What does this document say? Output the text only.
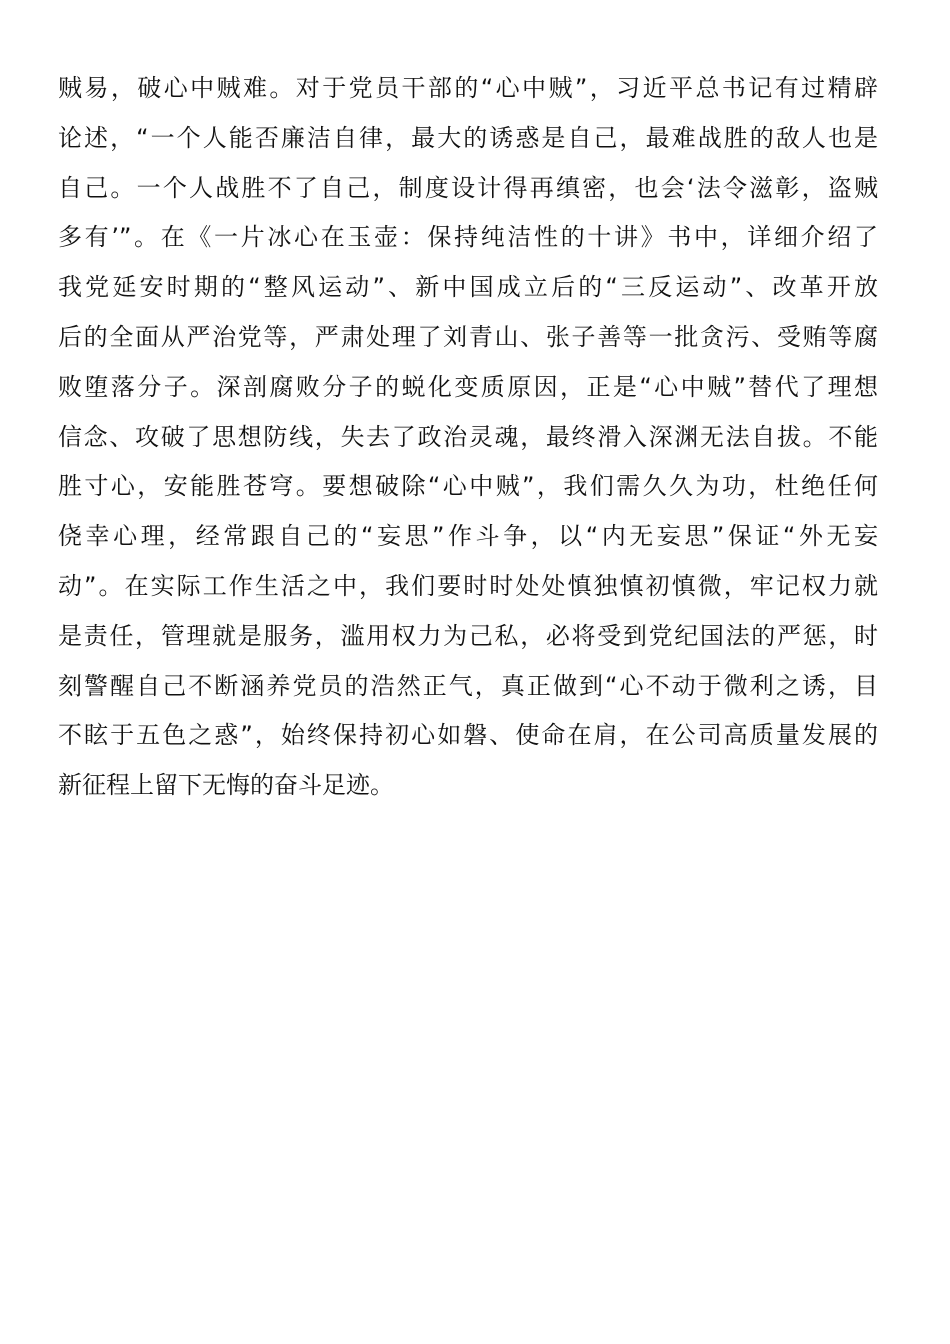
贼易，破心中贼难。对于党员干部的“心中贼”，习近平总书记有过精辟
论述，“一个人能否廉洁自律，最大的诱惑是自己，最难战胜的敌人也是
自己。一个人战胜不了自己，制度设计得再缜密，也会‘法令滋彰，盗贼
多有’”。在《一片冰心在玉壶：保持纯洁性的十讲》书中，详细介绍了
我党延安时期的“整风运动”、新中国成立后的“三反运动”、改革开放
后的全面从严治党等，严肃处理了刘青山、张子善等一批贪污、受贿等腐
败堕落分子。深剖腐败分子的蜕化变质原因，正是“心中贼”替代了理想
信念、攻破了思想防线，失去了政治灵魂，最终滑入深渊无法自拔。不能
胜寸心，安能胜苍穹。要想破除“心中贼”，我们需久久为功，杜绝任何
侥幸心理，经常跟自己的“妄思”作斗争，以“内无妄思”保证“外无妄
动”。在实际工作生活之中，我们要时时处处慎独慎初慎微，牢记权力就
是责任，管理就是服务，滥用权力为己私，必将受到党纪国法的严惩，时
刻警醒自己不断涵养党员的浩然正气，真正做到“心不动于微利之诱，目
不眩于五色之惑”，始终保持初心如磐、使命在肩，在公司高质量发展的
新征程上留下无悔的奋斗足迹。
